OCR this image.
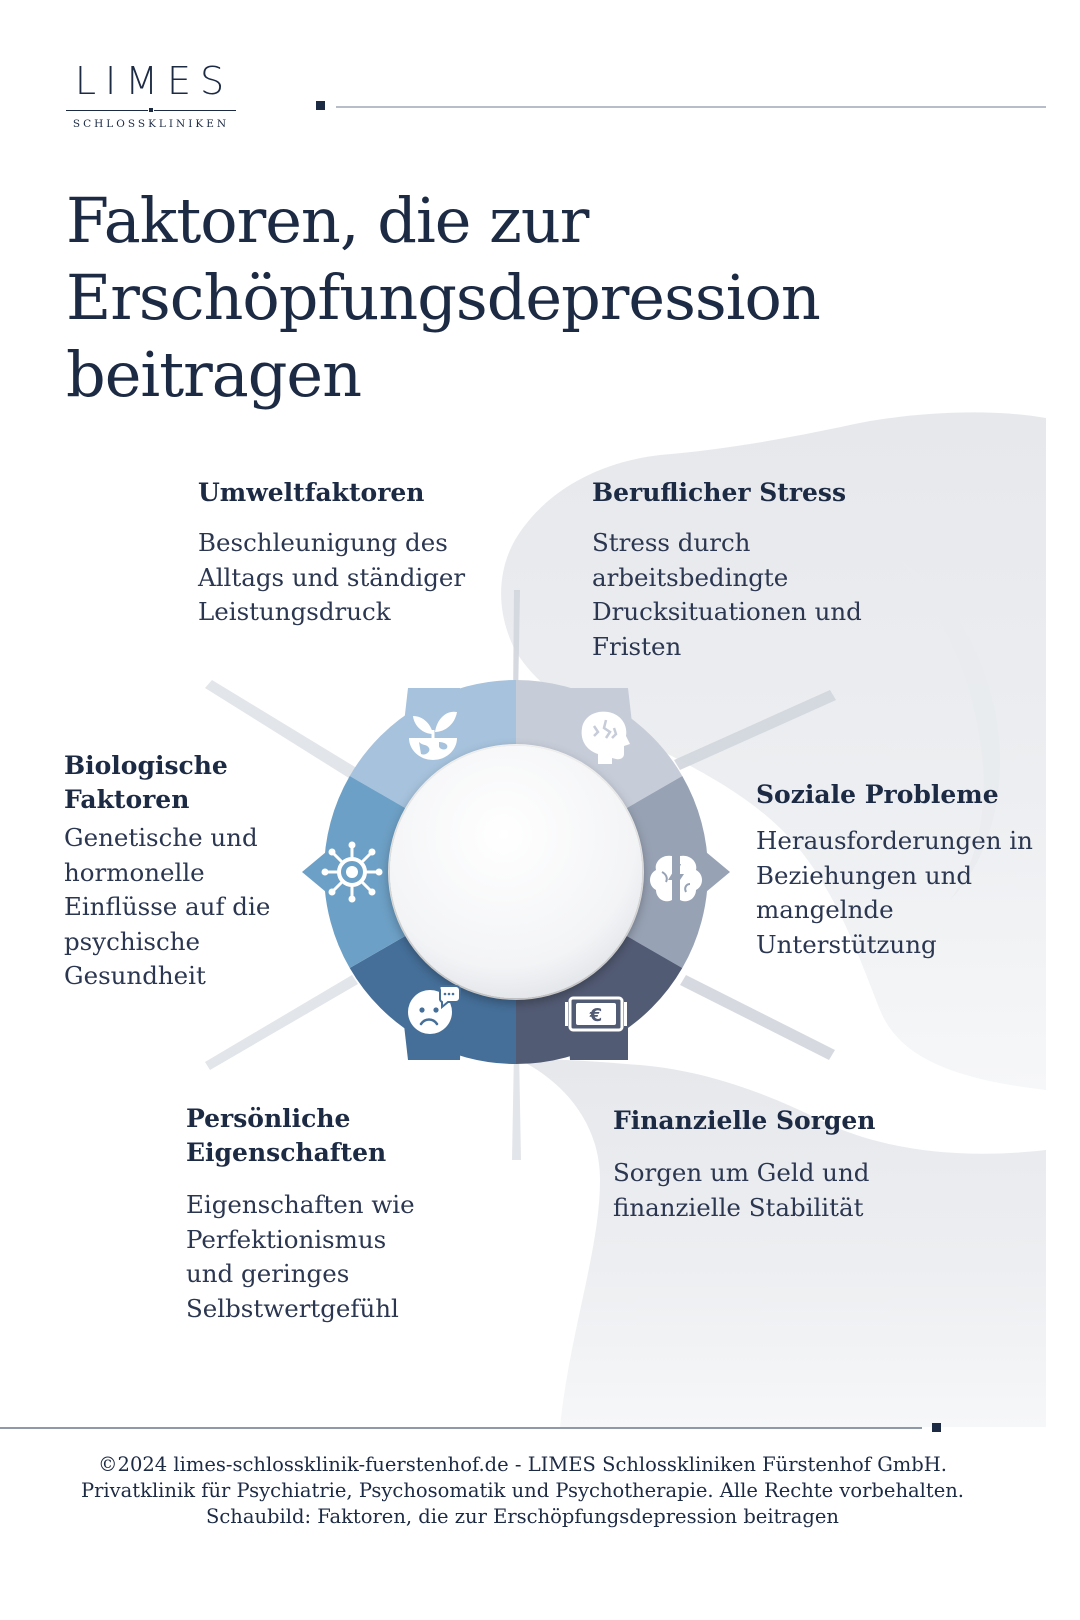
LIMES
SCHLOSSKLINIKEN
Faktoren, die zur Erschöpfungsdepression beitragen
€
Umweltfaktoren

Beschleunigung des Alltags und ständiger Leistungsdruck

Beruflicher Stress

Stress durch arbeitsbedingte Drucksituationen und Fristen

Soziale Probleme

Herausforderungen in Beziehungen und mangelnde Unterstützung

Finanzielle Sorgen

Sorgen um Geld und finanzielle Stabilität

Persönliche Eigenschaften

Eigenschaften wie Perfektionismus und geringes Selbstwertgefühl

Biologische Faktoren

Genetische und hormonelle Einflüsse auf die psychische Gesundheit

©2024 limes-schlossklinik-fuerstenhof.de - LIMES Schlosskliniken Fürstenhof GmbH.
Privatklinik für Psychiatrie, Psychosomatik und Psychotherapie. Alle Rechte vorbehalten.
Schaubild: Faktoren, die zur Erschöpfungsdepression beitragen
